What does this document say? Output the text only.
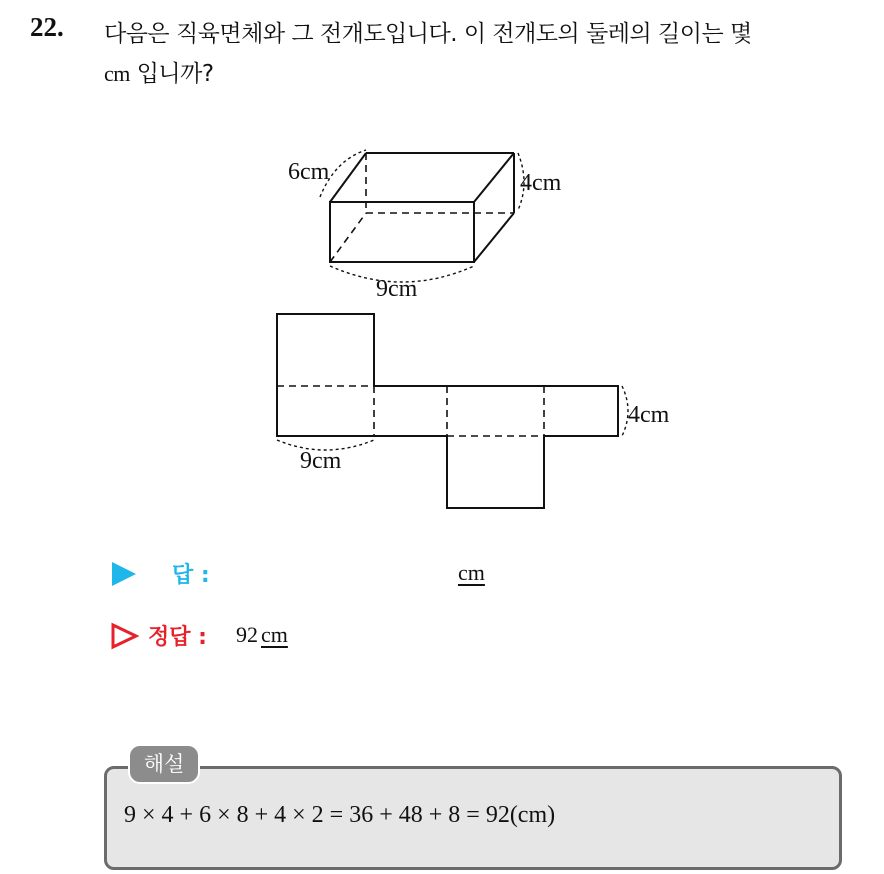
22. 다음은 직육면체와 그 전개도입니다. 이 전개도의 둘레의 길이는 몇
cm 입니까?
6cm	4cm
9cm
9cm
4cm
답 :	cm
정답 : 92 cm
해설
9 × 4 + 6 × 8 + 4 × 2 = 36 + 48 + 8 = 92(cm)
